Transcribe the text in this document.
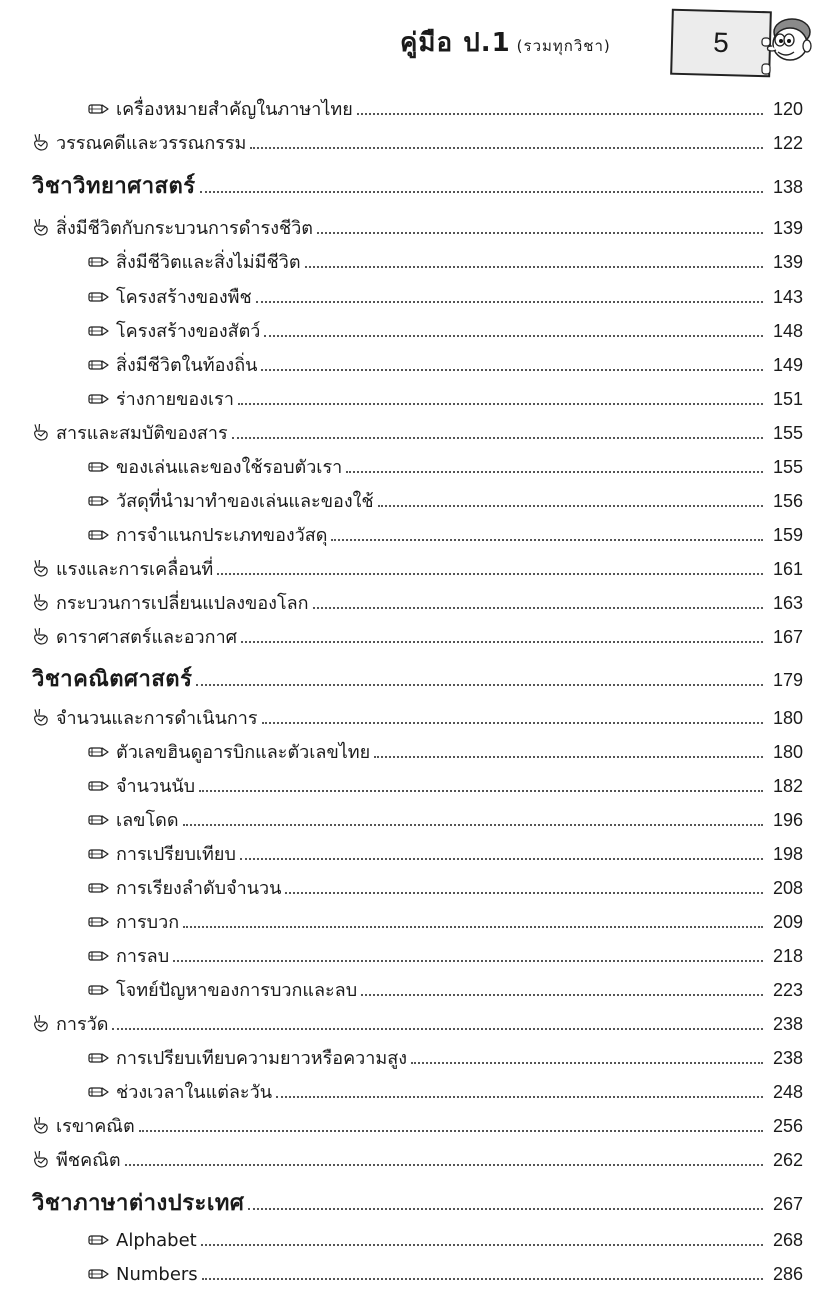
คู่มือ ป.1 (รวมทุกวิชา)	5
เครื่องหมายสำคัญในภาษาไทย	120
วรรณคดีและวรรณกรรม	122
วิชาวิทยาศาสตร์	138
สิ่งมีชีวิตกับกระบวนการดำรงชีวิต	139
สิ่งมีชีวิตและสิ่งไม่มีชีวิต	139
โครงสร้างของพืช	143
โครงสร้างของสัตว์	148
สิ่งมีชีวิตในท้องถิ่น	149
ร่างกายของเรา	151
สารและสมบัติของสาร	155
ของเล่นและของใช้รอบตัวเรา	155
วัสดุที่นำมาทำของเล่นและของใช้	156
การจำแนกประเภทของวัสดุ	159
แรงและการเคลื่อนที่	161
กระบวนการเปลี่ยนแปลงของโลก	163
ดาราศาสตร์และอวกาศ	167
วิชาคณิตศาสตร์	179
จำนวนและการดำเนินการ	180
ตัวเลขฮินดูอารบิกและตัวเลขไทย	180
จำนวนนับ	182
เลขโดด	196
การเปรียบเทียบ	198
การเรียงลำดับจำนวน	208
การบวก	209
การลบ	218
โจทย์ปัญหาของการบวกและลบ	223
การวัด	238
การเปรียบเทียบความยาวหรือความสูง	238
ช่วงเวลาในแต่ละวัน	248
เรขาคณิต	256
พีชคณิต	262
วิชาภาษาต่างประเทศ	267
Alphabet	268
Numbers	286
